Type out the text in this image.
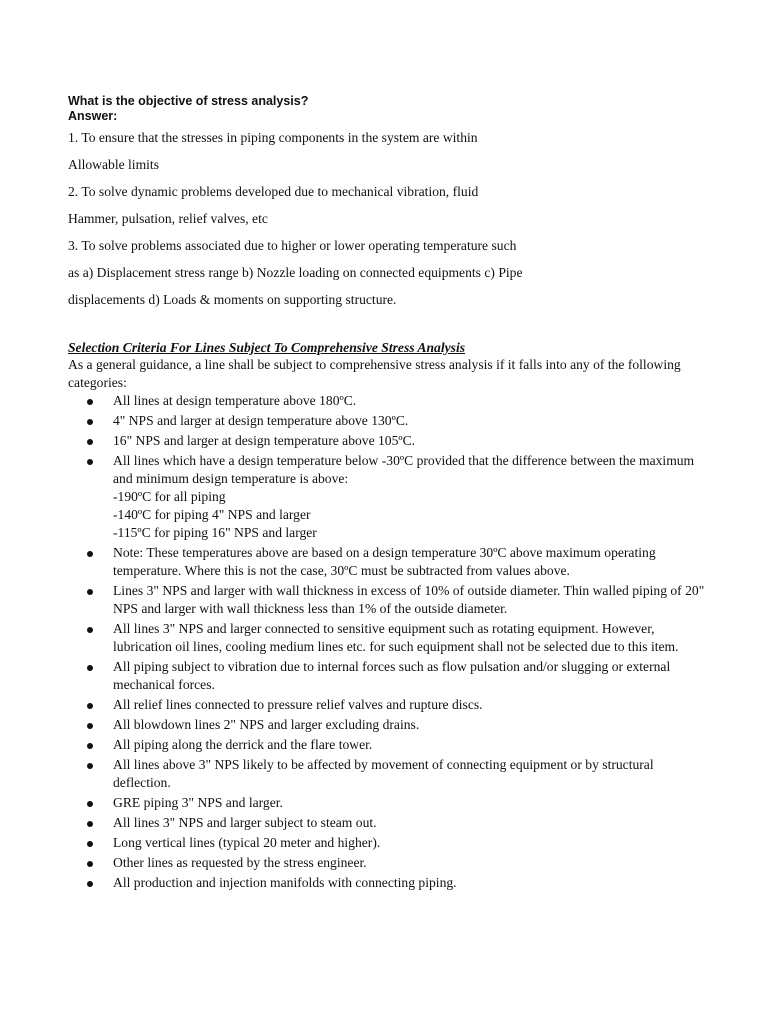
What is the objective of stress analysis?

Answer:

1. To ensure that the stresses in piping components in the system are within

Allowable limits

2. To solve dynamic problems developed due to mechanical vibration, fluid

Hammer, pulsation, relief valves, etc

3. To solve problems associated due to higher or lower operating temperature such

as a) Displacement stress range b) Nozzle loading on connected equipments c) Pipe

displacements d) Loads & moments on supporting structure.

Selection Criteria For Lines Subject To Comprehensive Stress Analysis

As a general guidance, a line shall be subject to comprehensive stress analysis if it falls into any of the following categories:

All lines at design temperature above 180ºC.
4" NPS and larger at design temperature above 130ºC.
16" NPS and larger at design temperature above 105ºC.
All lines which have a design temperature below -30ºC provided that the difference between the maximum and minimum design temperature is above:
-190ºC for all piping
-140ºC for piping 4" NPS and larger
-115ºC for piping 16" NPS and larger
Note: These temperatures above are based on a design temperature 30ºC above maximum operating temperature. Where this is not the case, 30ºC must be subtracted from values above.
Lines 3" NPS and larger with wall thickness in excess of 10% of outside diameter. Thin walled piping of 20" NPS and larger with wall thickness less than 1% of the outside diameter.
All lines 3" NPS and larger connected to sensitive equipment such as rotating equipment. However, lubrication oil lines, cooling medium lines etc. for such equipment shall not be selected due to this item.
All piping subject to vibration due to internal forces such as flow pulsation and/or slugging or external mechanical forces.
All relief lines connected to pressure relief valves and rupture discs.
All blowdown lines 2" NPS and larger excluding drains.
All piping along the derrick and the flare tower.
All lines above 3" NPS likely to be affected by movement of connecting equipment or by structural deflection.
GRE piping 3" NPS and larger.
All lines 3" NPS and larger subject to steam out.
Long vertical lines (typical 20 meter and higher).
Other lines as requested by the stress engineer.
All production and injection manifolds with connecting piping.
